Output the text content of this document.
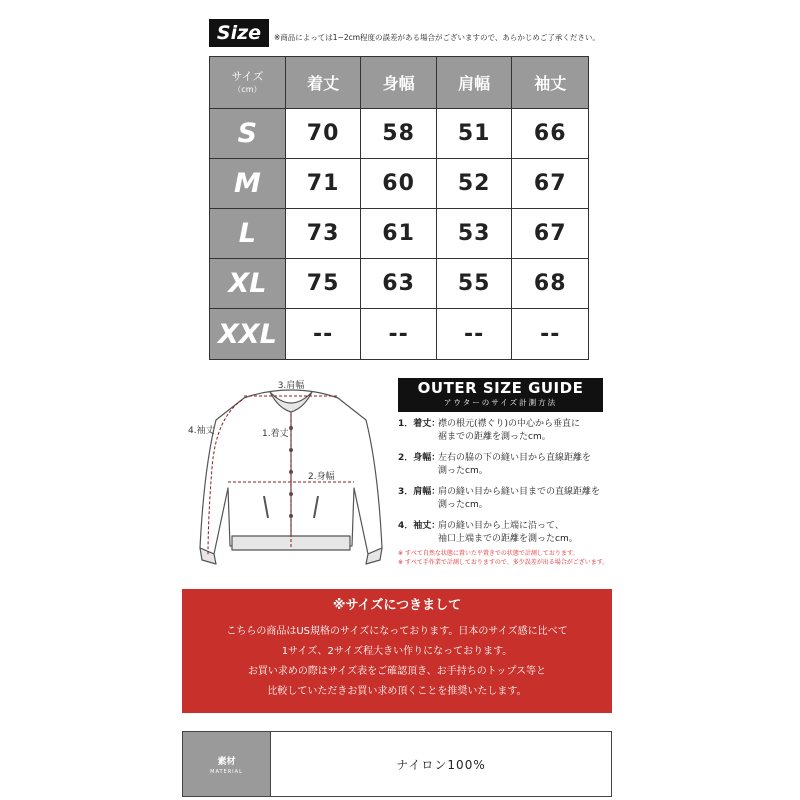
Size	※商品によっては1~2cm程度の誤差がある場合がございますので、あらかじめご了承ください。
サイズ
（cm）	着丈	身幅	肩幅	袖丈
S	70	58	51	66
M	71	60	52	67
L	73	61	53	67
XL	75	63	55	68
XXL	--	--	--	--
3.肩幅
1.着丈
2.身幅
4.袖丈
OUTER SIZE GUIDE
アウターのサイズ計測方法
1．着丈：
襟の根元(襟ぐり)の中心から垂直に
裾までの距離を測ったcm。
2．身幅：
左右の脇の下の縫い目から直線距離を
測ったcm。
3．肩幅：
肩の縫い目から縫い目までの直線距離を
測ったcm。
4．袖丈：
肩の縫い目から上端に沿って、
袖口上端までの距離を測ったcm。
※ すべて自然な状態に置いた平置きでの状態で計測しております。
※ すべて手作業で計測しておりますので、多少誤差が出る場合がございます。
※サイズにつきまして
こちらの商品はUS規格のサイズになっております。日本のサイズ感に比べて
1サイズ、2サイズ程大きい作りになっております。
お買い求めの際はサイズ表をご確認頂き、お手持ちのトップス等と
比較していただきお買い求め頂くことを推奨いたします。
素材
MATERIAL	ナイロン100%
